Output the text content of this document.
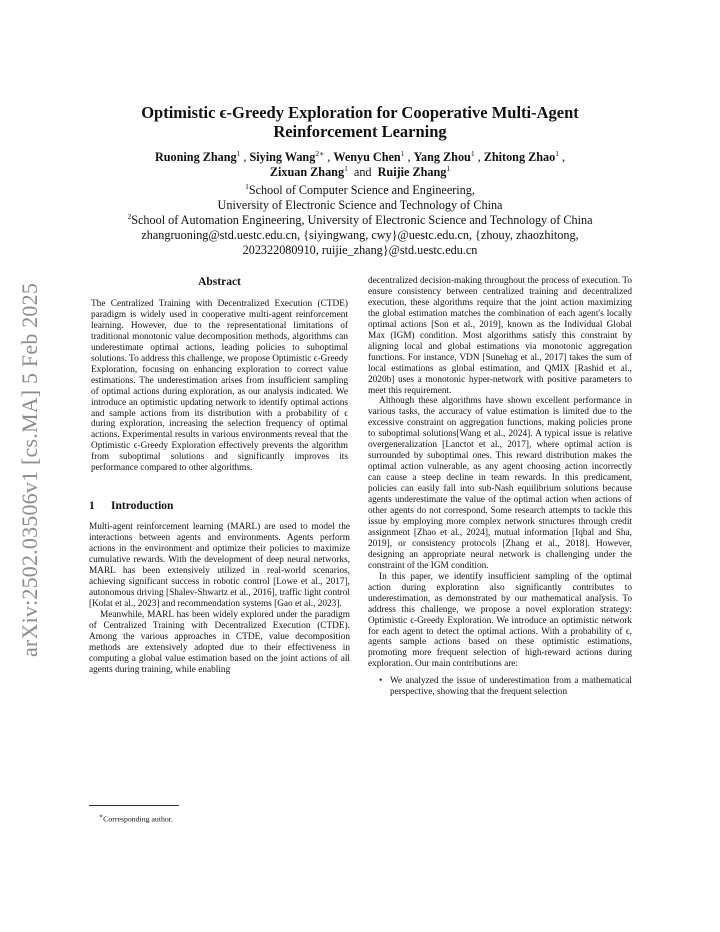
arXiv:2502.03506v1 [cs.MA] 5 Feb 2025
Optimistic ϵ-Greedy Exploration for Cooperative Multi-Agent
Reinforcement Learning
Ruoning Zhang$^1$ , Siying Wang$^{2∗}$ , Wenyu Chen$^1$ , Yang Zhou$^1$ , Zhitong Zhao$^1$ ,
Zixuan Zhang$^1$ and Ruijie Zhang$^1$
$^1$School of Computer Science and Engineering,
University of Electronic Science and Technology of China
$^2$School of Automation Engineering, University of Electronic Science and Technology of China
zhangruoning@std.uestc.edu.cn, {siyingwang, cwy}@uestc.edu.cn, {zhouy, zhaozhitong,
202322080910, ruijie_zhang}@std.uestc.edu.cn
Abstract

The Centralized Training with Decentralized Execution (CTDE) paradigm is widely used in cooperative multi-agent reinforcement learning. However, due to the representational limitations of traditional monotonic value decomposition methods, algorithms can underestimate optimal actions, leading policies to suboptimal solutions. To address this challenge, we propose Optimistic ϵ-Greedy Exploration, focusing on enhancing exploration to correct value estimations. The underestimation arises from insufficient sampling of optimal actions during exploration, as our analysis indicated. We introduce an optimistic updating network to identify optimal actions and sample actions from its distribution with a probability of ϵ during exploration, increasing the selection frequency of optimal actions. Experimental results in various environments reveal that the Optimistic ϵ-Greedy Exploration effectively prevents the algorithm from suboptimal solutions and significantly improves its performance compared to other algorithms.

1 Introduction

Multi-agent reinforcement learning (MARL) are used to model the interactions between agents and environments. Agents perform actions in the environment and optimize their policies to maximize cumulative rewards. With the development of deep neural networks, MARL has been extensively utilized in real-world scenarios, achieving significant success in robotic control [Lowe et al., 2017], autonomous driving [Shalev-Shwartz et al., 2016], traffic light control [Kolat et al., 2023] and recommendation systems [Gao et al., 2023].

Meanwhile, MARL has been widely explored under the paradigm of Centralized Training with Decentralized Execution (CTDE). Among the various approaches in CTDE, value decomposition methods are extensively adopted due to their effectiveness in computing a global value estimation based on the joint actions of all agents during training, while enabling

∗Corresponding author.

decentralized decision-making throughout the process of execution. To ensure consistency between centralized training and decentralized execution, these algorithms require that the joint action maximizing the global estimation matches the combination of each agent's locally optimal actions [Son et al., 2019], known as the Individual Global Max (IGM) condition. Most algorithms satisfy this constraint by aligning local and global estimations via monotonic aggregation functions. For instance, VDN [Sunehag et al., 2017] takes the sum of local estimations as global estimation, and QMIX [Rashid et al., 2020b] uses a monotonic hyper-network with positive parameters to meet this requirement.

Although these algorithms have shown excellent performance in various tasks, the accuracy of value estimation is limited due to the excessive constraint on aggregation functions, making policies prone to suboptimal solutions[Wang et al., 2024]. A typical issue is relative overgeneralization [Lanctot et al., 2017], where optimal action is surrounded by suboptimal ones. This reward distribution makes the optimal action vulnerable, as any agent choosing action incorrectly can cause a steep decline in team rewards. In this predicament, policies can easily fall into sub-Nash equilibrium solutions because agents underestimate the value of the optimal action when actions of other agents do not correspond. Some research attempts to tackle this issue by employing more complex network structures through credit assignment [Zhao et al., 2024], mutual information [Iqbal and Sha, 2019], or consistency protocols [Zhang et al., 2018]. However, designing an appropriate neural network is challenging under the constraint of the IGM condition.

In this paper, we identify insufficient sampling of the optimal action during exploration also significantly contributes to underestimation, as demonstrated by our mathematical analysis. To address this challenge, we propose a novel exploration strategy: Optimistic ϵ-Greedy Exploration. We introduce an optimistic network for each agent to detect the optimal actions. With a probability of ϵ, agents sample actions based on these optimistic estimations, promoting more frequent selection of high-reward actions during exploration. Our main contributions are:

• We analyzed the issue of underestimation from a mathematical perspective, showing that the frequent selection
